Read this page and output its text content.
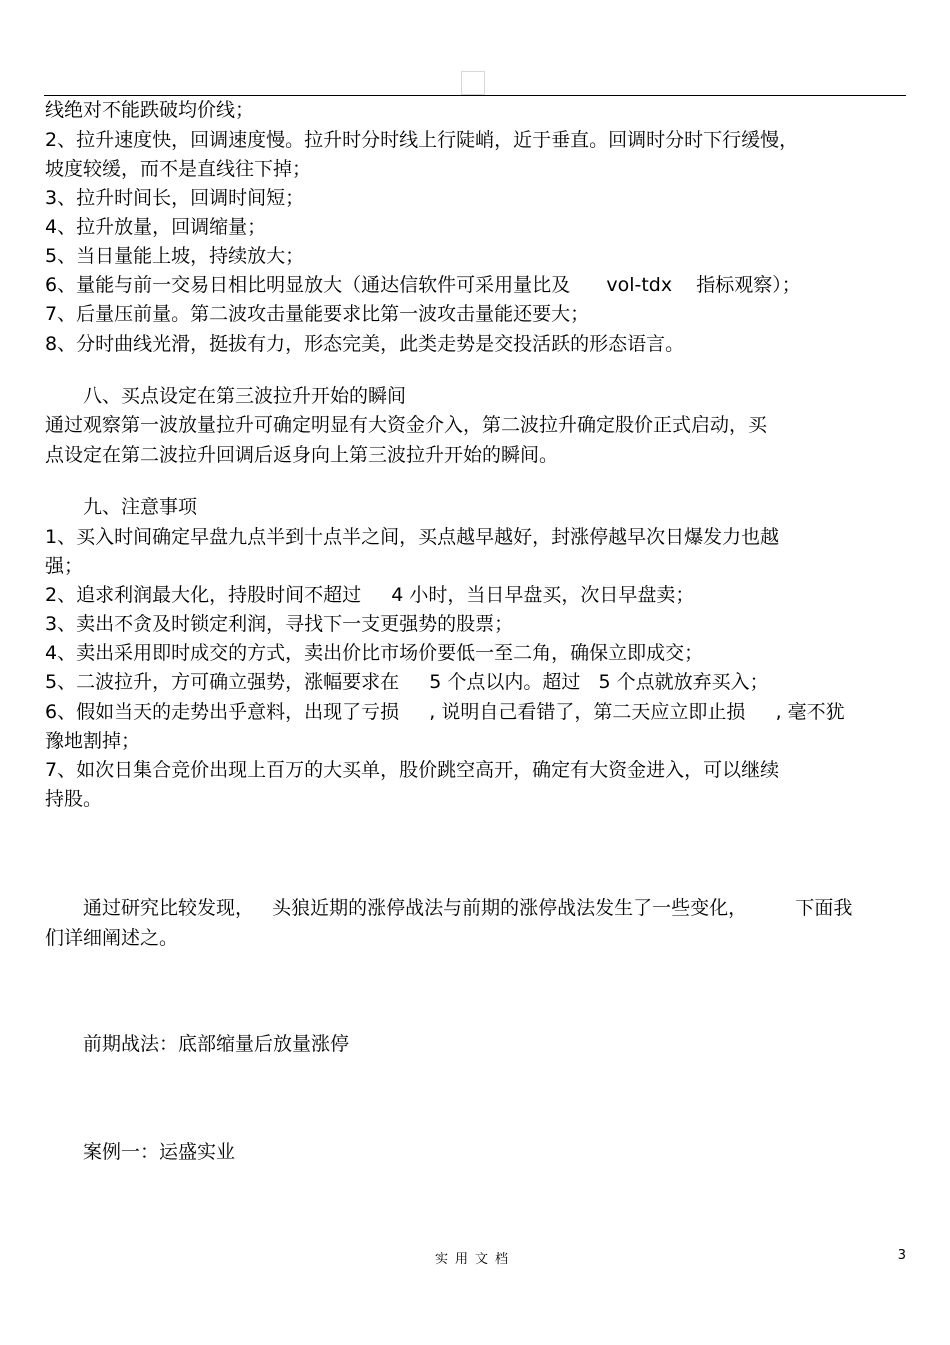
线绝对不能跌破均价线；
2、拉升速度快，回调速度慢。拉升时分时线上行陡峭，近于垂直。回调时分时下行缓慢，
坡度较缓，而不是直线往下掉；
3、拉升时间长，回调时间短；
4、拉升放量，回调缩量；
5、当日量能上坡，持续放大；
6、量能与前一交易日相比明显放大（通达信软件可采用量比及      vol-tdx    指标观察）；
7、后量压前量。第二波攻击量能要求比第一波攻击量能还要大；
8、分时曲线光滑，挺拔有力，形态完美，此类走势是交投活跃的形态语言。
八、买点设定在第三波拉升开始的瞬间
通过观察第一波放量拉升可确定明显有大资金介入，第二波拉升确定股价正式启动，买
点设定在第二波拉升回调后返身向上第三波拉升开始的瞬间。
九、注意事项
1、买入时间确定早盘九点半到十点半之间，买点越早越好，封涨停越早次日爆发力也越
强；
2、追求利润最大化，持股时间不超过     4 小时，当日早盘买，次日早盘卖；
3、卖出不贪及时锁定利润，寻找下一支更强势的股票；
4、卖出采用即时成交的方式，卖出价比市场价要低一至二角，确保立即成交；
5、二波拉升，方可确立强势，涨幅要求在     5 个点以内。超过   5 个点就放弃买入；
6、假如当天的走势出乎意料，出现了亏损     , 说明自己看错了，第二天应立即止损     , 毫不犹
豫地割掉；
7、如次日集合竞价出现上百万的大买单，股价跳空高开，确定有大资金进入，可以继续
持股。
通过研究比较发现，   头狼近期的涨停战法与前期的涨停战法发生了一些变化，        下面我
们详细阐述之。
前期战法：底部缩量后放量涨停
案例一：运盛实业
实用文档	3
